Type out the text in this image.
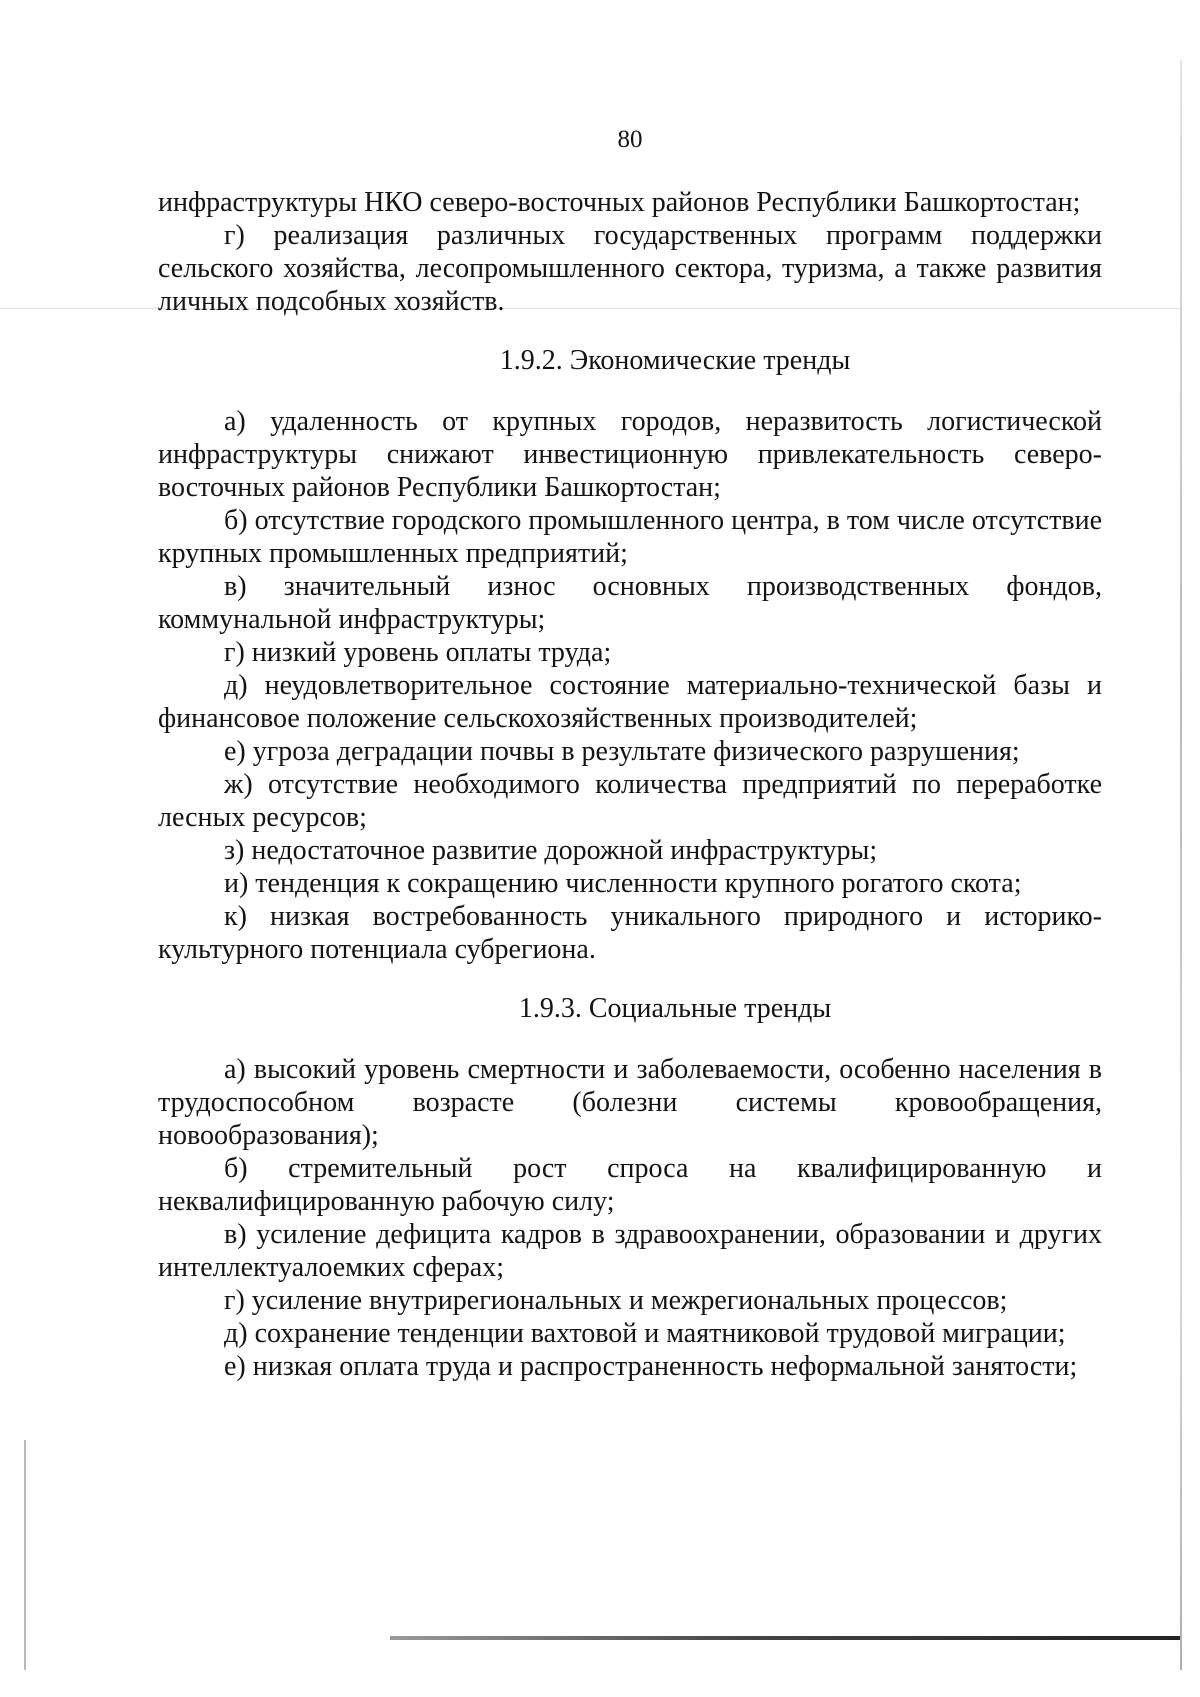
80

инфраструктуры НКО северо-восточных районов Республики Башкортостан;

г) реализация различных государственных программ поддержки сельского хозяйства, лесопромышленного сектора, туризма, а также развития личных подсобных хозяйств.

1.9.2. Экономические тренды

а) удаленность от крупных городов, неразвитость логистической инфраструктуры снижают инвестиционную привлекательность северо-восточных районов Республики Башкортостан;

б) отсутствие городского промышленного центра, в том числе отсутствие крупных промышленных предприятий;

в) значительный износ основных производственных фондов, коммунальной инфраструктуры;

г) низкий уровень оплаты труда;

д) неудовлетворительное состояние материально-технической базы и финансовое положение сельскохозяйственных производителей;

е) угроза деградации почвы в результате физического разрушения;

ж) отсутствие необходимого количества предприятий по переработке лесных ресурсов;

з) недостаточное развитие дорожной инфраструктуры;

и) тенденция к сокращению численности крупного рогатого скота;

к) низкая востребованность уникального природного и историко-культурного потенциала субрегиона.

1.9.3. Социальные тренды

а) высокий уровень смертности и заболеваемости, особенно населения в трудоспособном возрасте (болезни системы кровообращения, новообразования);

б) стремительный рост спроса на квалифицированную и неквалифицированную рабочую силу;

в) усиление дефицита кадров в здравоохранении, образовании и других интеллектуалоемких сферах;

г) усиление внутрирегиональных и межрегиональных процессов;

д) сохранение тенденции вахтовой и маятниковой трудовой миграции;

е) низкая оплата труда и распространенность неформальной занятости;
